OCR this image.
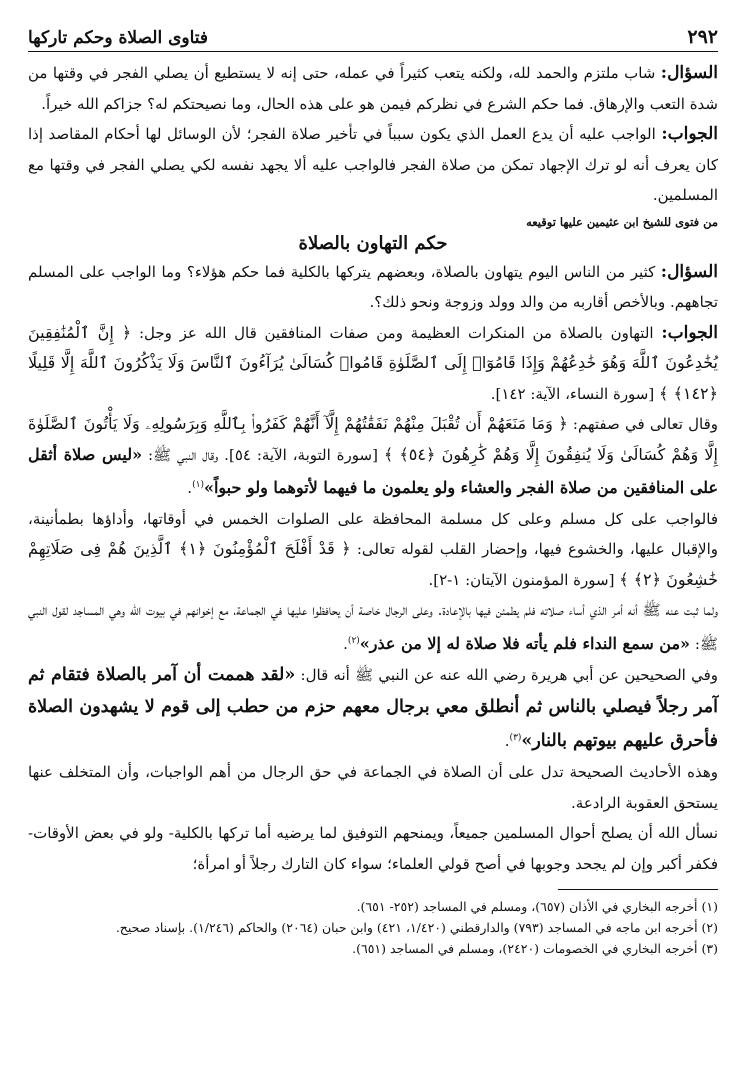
٢٩٢
فتاوى الصلاة وحكم تاركها

السؤال: شاب ملتزم والحمد لله، ولكنه يتعب كثيراً في عمله، حتى إنه لا يستطيع أن يصلي الفجر في وقتها من شدة التعب والإرهاق. فما حكم الشرع في نظركم فيمن هو على هذه الحال، وما نصيحتكم له؟ جزاكم الله خيراً.

الجواب: الواجب عليه أن يدع العمل الذي يكون سبباً في تأخير صلاة الفجر؛ لأن الوسائل لها أحكام المقاصد إذا كان يعرف أنه لو ترك الإجهاد تمكن من صلاة الفجر فالواجب عليه ألا يجهد نفسه لكي يصلي الفجر في وقتها مع المسلمين.

من فتوى للشيخ ابن عثيمين عليها توقيعه

حكم التهاون بالصلاة

السؤال: كثير من الناس اليوم يتهاون بالصلاة، وبعضهم يتركها بالكلية فما حكم هؤلاء؟ وما الواجب على المسلم تجاههم. وبالأخص أقاربه من والد وولد وزوجة ونحو ذلك؟.

الجواب: التهاون بالصلاة من المنكرات العظيمة ومن صفات المنافقين قال الله عز وجل: ﴿ إِنَّ ٱلْمُنَٰفِقِينَ يُخَٰدِعُونَ ٱللَّهَ وَهُوَ خَٰدِعُهُمْ وَإِذَا قَامُوٓا۟ إِلَى ٱلصَّلَوٰةِ قَامُوا۟ كُسَالَىٰ يُرَآءُونَ ٱلنَّاسَ وَلَا يَذْكُرُونَ ٱللَّهَ إِلَّا قَلِيلًا ﴿١٤٢﴾ ﴾ [سورة النساء، الآية: ١٤٢].

وقال تعالى في صفتهم: ﴿ وَمَا مَنَعَهُمْ أَن تُقْبَلَ مِنْهُمْ نَفَقَٰتُهُمْ إِلَّآ أَنَّهُمْ كَفَرُوا۟ بِٱللَّهِ وَبِرَسُولِهِۦ وَلَا يَأْتُونَ ٱلصَّلَوٰةَ إِلَّا وَهُمْ كُسَالَىٰ وَلَا يُنفِقُونَ إِلَّا وَهُمْ كَٰرِهُونَ ﴿٥٤﴾ ﴾ [سورة التوبة، الآية: ٥٤]. وقال النبي ﷺ: «ليس صلاة أثقل على المنافقين من صلاة الفجر والعشاء ولو يعلمون ما فيهما لأتوهما ولو حبواً»$^{(١)}$.

فالواجب على كل مسلم وعلى كل مسلمة المحافظة على الصلوات الخمس في أوقاتها، وأداؤها بطمأنينة، والإقبال عليها، والخشوع فيها، وإحضار القلب لقوله تعالى: ﴿ قَدْ أَفْلَحَ ٱلْمُؤْمِنُونَ ﴿١﴾ ٱلَّذِينَ هُمْ فِى صَلَاتِهِمْ خَٰشِعُونَ ﴿٢﴾ ﴾ [سورة المؤمنون الآيتان: ١-٢].

ولما ثبت عنه ﷺ أنه أمر الذي أساء صلاته فلم يطمئن فيها بالإعادة. وعلى الرجال خاصة أن يحافظوا عليها في الجماعة، مع إخوانهم في بيوت الله وهي المساجد لقول النبي ﷺ: «من سمع النداء فلم يأته فلا صلاة له إلا من عذر»$^{(٢)}$.

وفي الصحيحين عن أبي هريرة رضي الله عنه عن النبي ﷺ أنه قال: «لقد هممت أن آمر بالصلاة فتقام ثم آمر رجلاً فيصلي بالناس ثم أنطلق معي برجال معهم حزم من حطب إلى قوم لا يشهدون الصلاة فأحرق عليهم بيوتهم بالنار»$^{(٣)}$.

وهذه الأحاديث الصحيحة تدل على أن الصلاة في الجماعة في حق الرجال من أهم الواجبات، وأن المتخلف عنها يستحق العقوبة الرادعة.

نسأل الله أن يصلح أحوال المسلمين جميعاً، ويمنحهم التوفيق لما يرضيه أما تركها بالكلية- ولو في بعض الأوقات- فكفر أكبر وإن لم يجحد وجوبها في أصح قولي العلماء؛ سواء كان التارك رجلاً أو امرأة؛

(١) أخرجه البخاري في الأذان (٦٥٧)، ومسلم في المساجد (٢٥٢- ٦٥١).

(٢) أخرجه ابن ماجه في المساجد (٧٩٣) والدارقطني (١/٤٢٠، ٤٢١) وابن حبان (٢٠٦٤) والحاكم (١/٢٤٦). بإسناد صحيح.

(٣) أخرجه البخاري في الخصومات (٢٤٢٠)، ومسلم في المساجد (٦٥١).
